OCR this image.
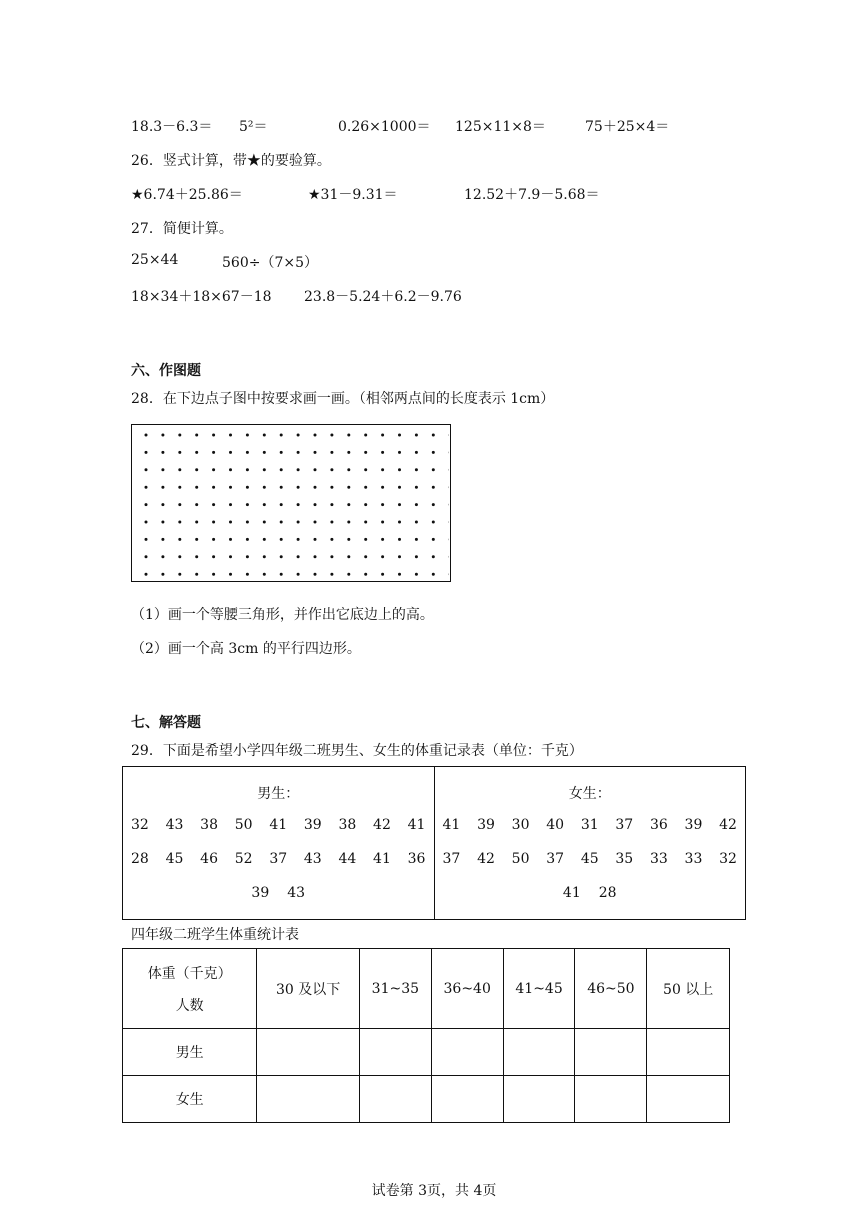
18.3－6.3＝ 5²＝	0.26×1000＝ 125×11×8＝	75＋25×4＝
26．竖式计算，带★的要验算。
★6.74＋25.86＝	★31－9.31＝	12.52＋7.9－5.68＝
27．简便计算。
25×44	560÷（7×5）
18×34＋18×67－18 23.8－5.24＋6.2－9.76
六、作图题
28．在下边点子图中按要求画一画。（相邻两点间的长度表示 1cm）
（1）画一个等腰三角形，并作出它底边上的高。
（2）画一个高 3cm 的平行四边形。
七、解答题
29．下面是希望小学四年级二班男生、女生的体重记录表（单位：千克）
男生：
32 43 38 50 41 39 38 42 41
28 45 46 52 37 43 44 41 36
39 43

女生：
41 39 30 40 31 37 36 39 42
37 42 50 37 45 35 33 33 32
41 28
四年级二班学生体重统计表
体重（千克）
人数	30 及以下	31~35	36~40	41~45	46~50	50 以上
男生						
女生						
试卷第 3页，共 4页
